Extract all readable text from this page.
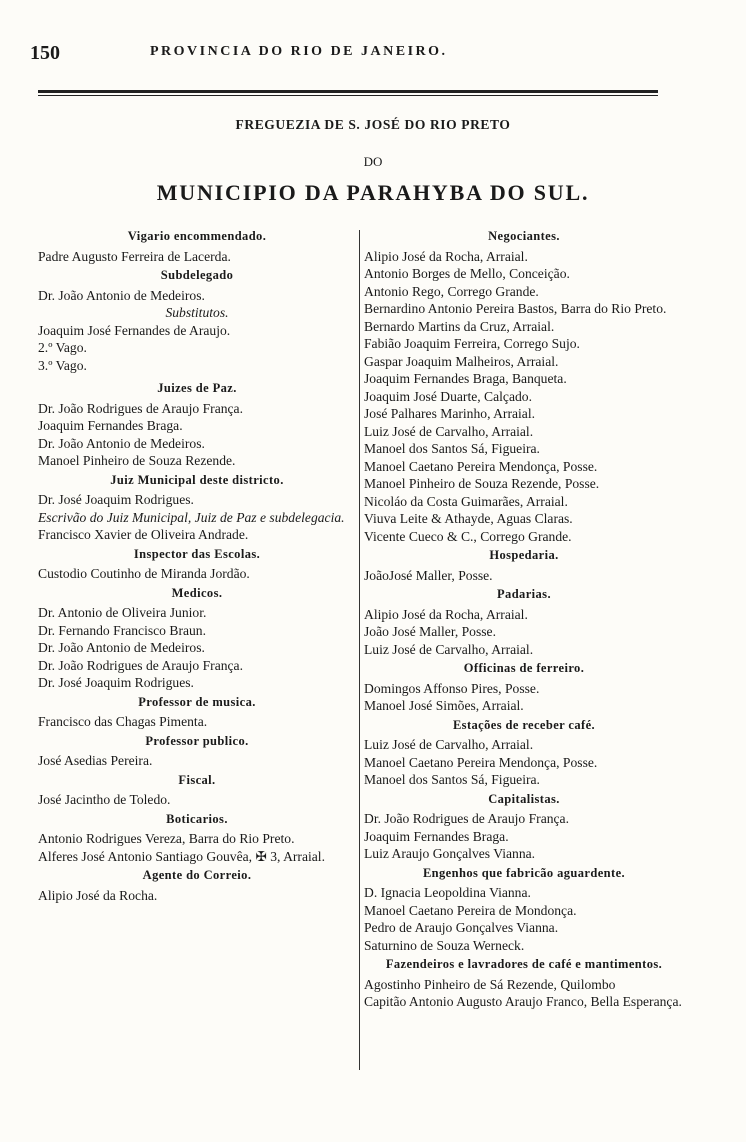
150	PROVINCIA DO RIO DE JANEIRO.
FREGUEZIA DE S. JOSÉ DO RIO PRETO
DO
MUNICIPIO DA PARAHYBA DO SUL.
Vigario encommendado.
Padre Augusto Ferreira de Lacerda.
Subdelegado
Dr. João Antonio de Medeiros.
Substitutos.
Joaquim José Fernandes de Araujo.
2.º Vago.
3.º Vago.
Juizes de Paz.
Dr. João Rodrigues de Araujo França.
Joaquim Fernandes Braga.
Dr. João Antonio de Medeiros.
Manoel Pinheiro de Souza Rezende.
Juiz Municipal deste districto.
Dr. José Joaquim Rodrigues.
Escrivão do Juiz Municipal, Juiz de Paz e subdelegacia.
Francisco Xavier de Oliveira Andrade.
Inspector das Escolas.
Custodio Coutinho de Miranda Jordão.
Medicos.
Dr. Antonio de Oliveira Junior.
Dr. Fernando Francisco Braun.
Dr. João Antonio de Medeiros.
Dr. João Rodrigues de Araujo França.
Dr. José Joaquim Rodrigues.
Professor de musica.
Francisco das Chagas Pimenta.
Professor publico.
José Asedias Pereira.
Fiscal.
José Jacintho de Toledo.
Boticarios.
Antonio Rodrigues Vereza, Barra do Rio Preto.
Alferes José Antonio Santiago Gouvêa, ✠ 3, Arraial.
Agente do Correio.
Alipio José da Rocha.
Negociantes.
Alipio José da Rocha, Arraial.
Antonio Borges de Mello, Conceição.
Antonio Rego, Corrego Grande.
Bernardino Antonio Pereira Bastos, Barra do Rio Preto.
Bernardo Martins da Cruz, Arraial.
Fabião Joaquim Ferreira, Corrego Sujo.
Gaspar Joaquim Malheiros, Arraial.
Joaquim Fernandes Braga, Banqueta.
Joaquim José Duarte, Calçado.
José Palhares Marinho, Arraial.
Luiz José de Carvalho, Arraial.
Manoel dos Santos Sá, Figueira.
Manoel Caetano Pereira Mendonça, Posse.
Manoel Pinheiro de Souza Rezende, Posse.
Nicoláo da Costa Guimarães, Arraial.
Viuva Leite & Athayde, Aguas Claras.
Vicente Cueco & C., Corrego Grande.
Hospedaria.
JoãoJosé Maller, Posse.
Padarias.
Alipio José da Rocha, Arraial.
João José Maller, Posse.
Luiz José de Carvalho, Arraial.
Officinas de ferreiro.
Domingos Affonso Pires, Posse.
Manoel José Simões, Arraial.
Estações de receber café.
Luiz José de Carvalho, Arraial.
Manoel Caetano Pereira Mendonça, Posse.
Manoel dos Santos Sá, Figueira.
Capitalistas.
Dr. João Rodrigues de Araujo França.
Joaquim Fernandes Braga.
Luiz Araujo Gonçalves Vianna.
Engenhos que fabricão aguardente.
D. Ignacia Leopoldina Vianna.
Manoel Caetano Pereira de Mondonça.
Pedro de Araujo Gonçalves Vianna.
Saturnino de Souza Werneck.
Fazendeiros e lavradores de café e mantimentos.
Agostinho Pinheiro de Sá Rezende, Quilombo
Capitão Antonio Augusto Araujo Franco, Bella Esperança.
